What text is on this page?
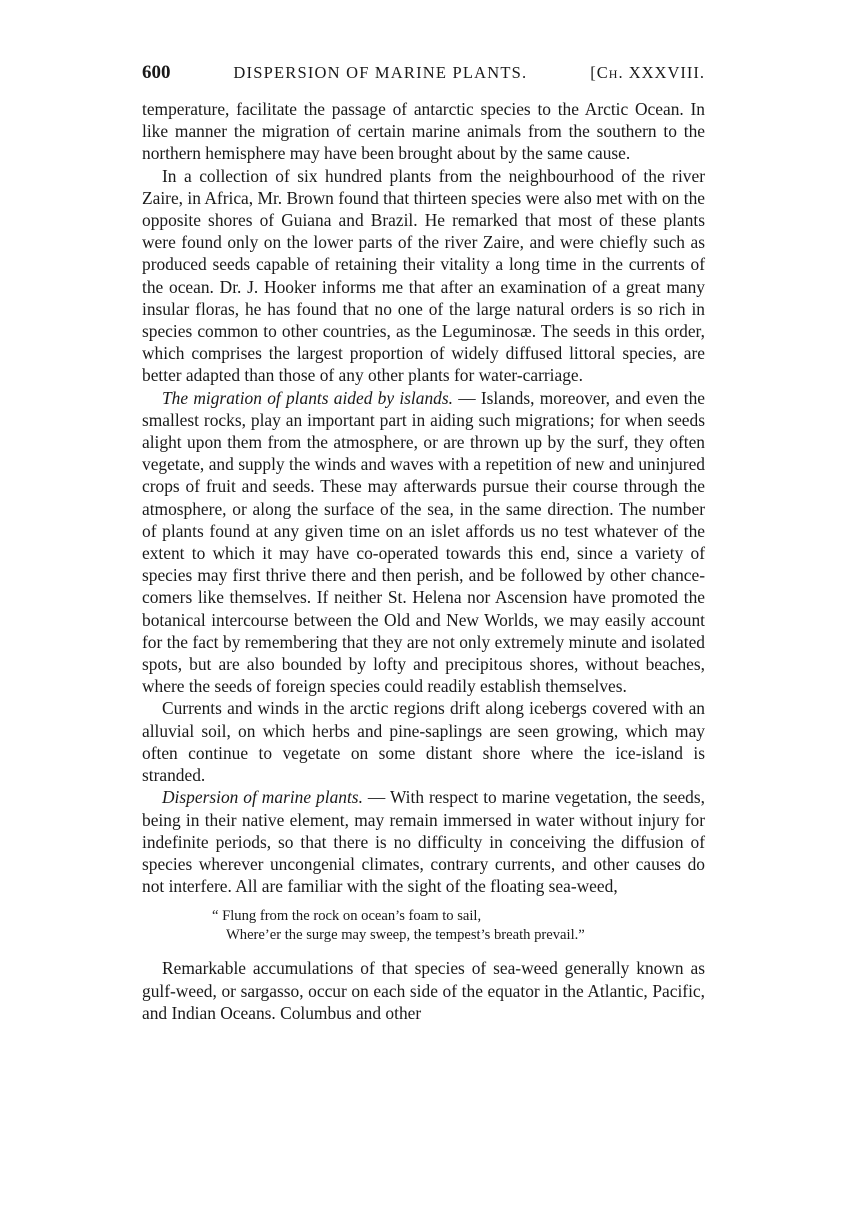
600	DISPERSION OF MARINE PLANTS.	[Ch. XXXVIII.

temperature, facilitate the passage of antarctic species to the Arctic Ocean. In like manner the migration of certain marine animals from the southern to the northern hemisphere may have been brought about by the same cause.

In a collection of six hundred plants from the neighbourhood of the river Zaire, in Africa, Mr. Brown found that thirteen species were also met with on the opposite shores of Guiana and Brazil. He remarked that most of these plants were found only on the lower parts of the river Zaire, and were chiefly such as produced seeds capable of retaining their vitality a long time in the currents of the ocean. Dr. J. Hooker informs me that after an examination of a great many insular floras, he has found that no one of the large natural orders is so rich in species common to other countries, as the Leguminosæ. The seeds in this order, which comprises the largest proportion of widely diffused littoral species, are better adapted than those of any other plants for water-carriage.

The migration of plants aided by islands. — Islands, moreover, and even the smallest rocks, play an important part in aiding such migrations; for when seeds alight upon them from the atmosphere, or are thrown up by the surf, they often vegetate, and supply the winds and waves with a repetition of new and uninjured crops of fruit and seeds. These may afterwards pursue their course through the atmosphere, or along the surface of the sea, in the same direction. The number of plants found at any given time on an islet affords us no test whatever of the extent to which it may have co-operated towards this end, since a variety of species may first thrive there and then perish, and be followed by other chance-comers like themselves. If neither St. Helena nor Ascension have promoted the botanical intercourse between the Old and New Worlds, we may easily account for the fact by remembering that they are not only extremely minute and isolated spots, but are also bounded by lofty and precipitous shores, without beaches, where the seeds of foreign species could readily establish themselves.

Currents and winds in the arctic regions drift along icebergs covered with an alluvial soil, on which herbs and pine-saplings are seen growing, which may often continue to vegetate on some distant shore where the ice-island is stranded.

Dispersion of marine plants. — With respect to marine vegetation, the seeds, being in their native element, may remain immersed in water without injury for indefinite periods, so that there is no difficulty in conceiving the diffusion of species wherever uncongenial climates, contrary currents, and other causes do not interfere. All are familiar with the sight of the floating sea-weed,

“ Flung from the rock on ocean’s foam to sail,
Where’er the surge may sweep, the tempest’s breath prevail.”

Remarkable accumulations of that species of sea-weed generally known as gulf-weed, or sargasso, occur on each side of the equator in the Atlantic, Pacific, and Indian Oceans. Columbus and other
